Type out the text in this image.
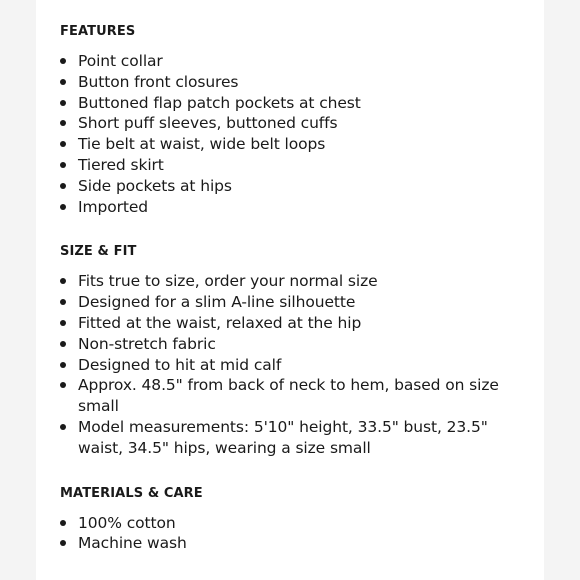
FEATURES
Point collar
Button front closures
Buttoned flap patch pockets at chest
Short puff sleeves, buttoned cuffs
Tie belt at waist, wide belt loops
Tiered skirt
Side pockets at hips
Imported
SIZE & FIT
Fits true to size, order your normal size
Designed for a slim A-line silhouette
Fitted at the waist, relaxed at the hip
Non-stretch fabric
Designed to hit at mid calf
Approx. 48.5" from back of neck to hem, based on size small
Model measurements: 5'10" height, 33.5" bust, 23.5" waist, 34.5" hips, wearing a size small
MATERIALS & CARE
100% cotton
Machine wash
